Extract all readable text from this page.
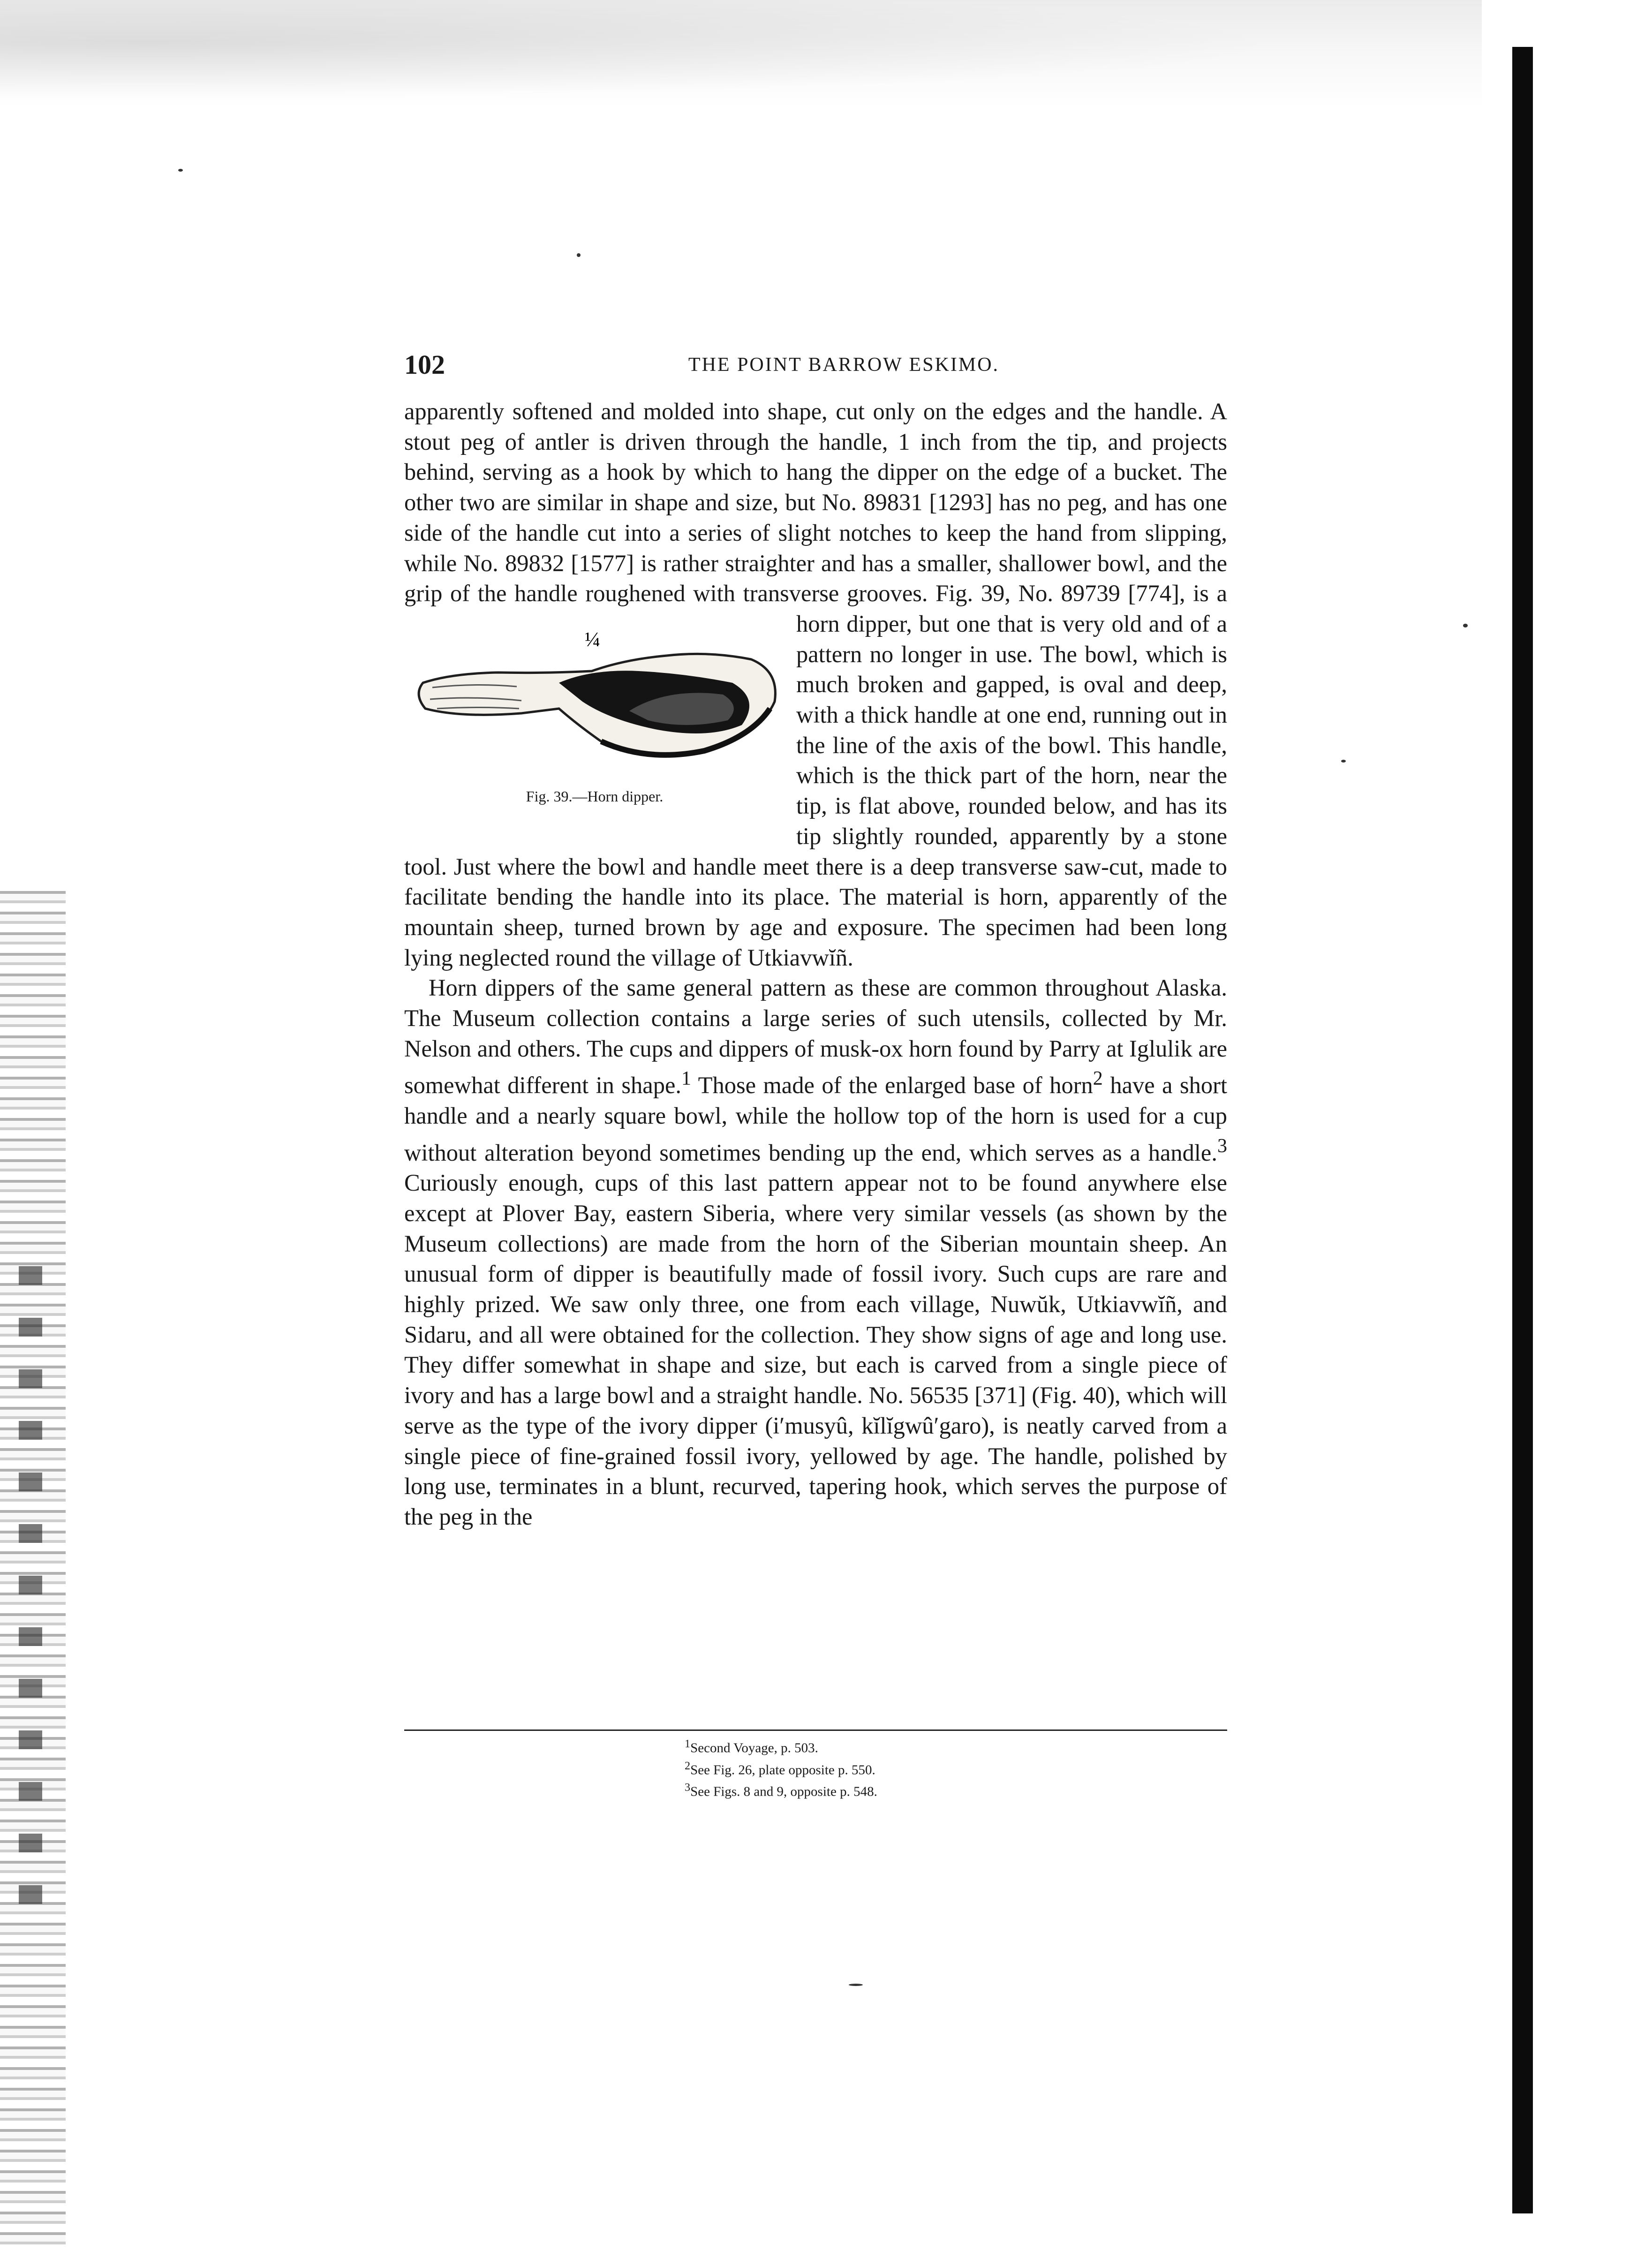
THE POINT BARROW ESKIMO.
102

apparently softened and molded into shape, cut only on the edges and the handle. A stout peg of antler is driven through the handle, 1 inch from the tip, and projects behind, serving as a hook by which to hang the dipper on the edge of a bucket. The other two are similar in shape and size, but No. 89831 [1293] has no peg, and has one side of the handle cut into a series of slight notches to keep the hand from slipping, while No. 89832 [1577] is rather straighter and has a smaller, shallower bowl, and the grip of the handle roughened with transverse grooves. Fig. 39, No. 89739 [774], is a horn dipper, but one that is very old and of a
¼
Fig. 39.—Horn dipper.
pattern no longer in use. The bowl, which is much broken and gapped, is oval and deep, with a thick handle at one end, running out in the line of the axis of the bowl. This handle, which is the thick part of the horn, near the tip, is flat above, rounded below, and has its tip slightly rounded, apparently by a stone tool. Just where the bowl and handle meet there is a deep transverse saw-cut, made to facilitate bending the handle into its place. The material is horn, apparently of the mountain sheep, turned brown by age and exposure. The specimen had been long lying neglected round the village of Utkiavwĭñ.

Horn dippers of the same general pattern as these are common throughout Alaska. The Museum collection contains a large series of such utensils, collected by Mr. Nelson and others. The cups and dippers of musk-ox horn found by Parry at Iglulik are somewhat different in shape.$^1$ Those made of the enlarged base of horn$^2$ have a short handle and a nearly square bowl, while the hollow top of the horn is used for a cup without alteration beyond sometimes bending up the end, which serves as a handle.$^3$ Curiously enough, cups of this last pattern appear not to be found anywhere else except at Plover Bay, eastern Siberia, where very similar vessels (as shown by the Museum collections) are made from the horn of the Siberian mountain sheep. An unusual form of dipper is beautifully made of fossil ivory. Such cups are rare and highly prized. We saw only three, one from each village, Nuwŭk, Utkiavwĭñ, and Sidaru, and all were obtained for the collection. They show signs of age and long use. They differ somewhat in shape and size, but each is carved from a single piece of ivory and has a large bowl and a straight handle. No. 56535 [371] (Fig. 40), which will serve as the type of the ivory dipper (i′musyû, kĭlĭgwû′garo), is neatly carved from a single piece of fine-grained fossil ivory, yellowed by age. The handle, polished by long use, terminates in a blunt, recurved, tapering hook, which serves the purpose of the peg in the

$^1$Second Voyage, p. 503.

$^2$See Fig. 26, plate opposite p. 550.

$^3$See Figs. 8 and 9, opposite p. 548.
